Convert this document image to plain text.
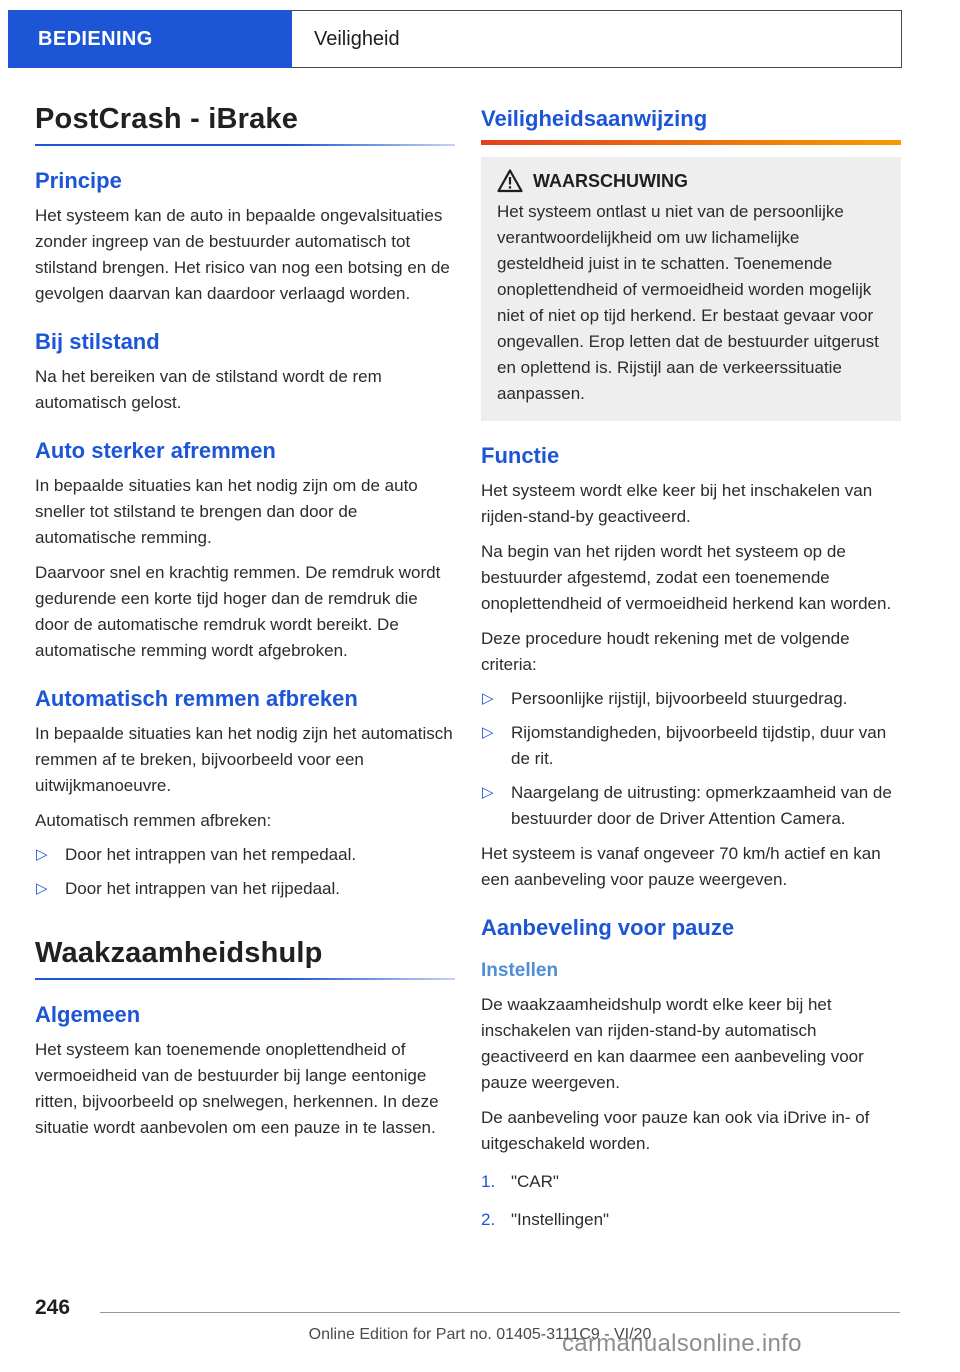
BEDIENING	Veiligheid
PostCrash - iBrake
Principe

Het systeem kan de auto in bepaalde ongevalsituaties zonder ingreep van de bestuurder automatisch tot stilstand brengen. Het risico van nog een botsing en de gevolgen daarvan kan daardoor verlaagd worden.

Bij stilstand

Na het bereiken van de stilstand wordt de rem automatisch gelost.

Auto sterker afremmen

In bepaalde situaties kan het nodig zijn om de auto sneller tot stilstand te brengen dan door de automatische remming.

Daarvoor snel en krachtig remmen. De remdruk wordt gedurende een korte tijd hoger dan de remdruk die door de automatische remdruk wordt bereikt. De automatische remming wordt afgebroken.

Automatisch remmen afbreken

In bepaalde situaties kan het nodig zijn het automatisch remmen af te breken, bijvoorbeeld voor een uitwijkmanoeuvre.

Automatisch remmen afbreken:

▷
Door het intrappen van het rempedaal.
▷
Door het intrappen van het rijpedaal.
Waakzaamheidshulp
Algemeen

Het systeem kan toenemende onoplettendheid of vermoeidheid van de bestuurder bij lange eentonige ritten, bijvoorbeeld op snelwegen, herkennen. In deze situatie wordt aanbevolen om een pauze in te lassen.

Veiligheidsaanwijzing
WAARSCHUWING

Het systeem ontlast u niet van de persoonlijke verantwoordelijkheid om uw lichamelijke gesteldheid juist in te schatten. Toenemende onoplettendheid of vermoeidheid worden mogelijk niet of niet op tijd herkend. Er bestaat gevaar voor ongevallen. Erop letten dat de bestuurder uitgerust en oplettend is. Rijstijl aan de verkeerssituatie aanpassen.

Functie

Het systeem wordt elke keer bij het inschakelen van rijden-stand-by geactiveerd.

Na begin van het rijden wordt het systeem op de bestuurder afgestemd, zodat een toenemende onoplettendheid of vermoeidheid herkend kan worden.

Deze procedure houdt rekening met de volgende criteria:

▷
Persoonlijke rijstijl, bijvoorbeeld stuurgedrag.
▷
Rijomstandigheden, bijvoorbeeld tijdstip, duur van de rit.
▷
Naargelang de uitrusting: opmerkzaamheid van de bestuurder door de Driver Attention Camera.

Het systeem is vanaf ongeveer 70 km/h actief en kan een aanbeveling voor pauze weergeven.

Aanbeveling voor pauze
Instellen

De waakzaamheidshulp wordt elke keer bij het inschakelen van rijden-stand-by automatisch geactiveerd en kan daarmee een aanbeveling voor pauze weergeven.

De aanbeveling voor pauze kan ook via iDrive in- of uitgeschakeld worden.

1. "CAR"
2. "Instellingen"
246
Online Edition for Part no. 01405-3111C9 - VI/20
carmanualsonline.info
